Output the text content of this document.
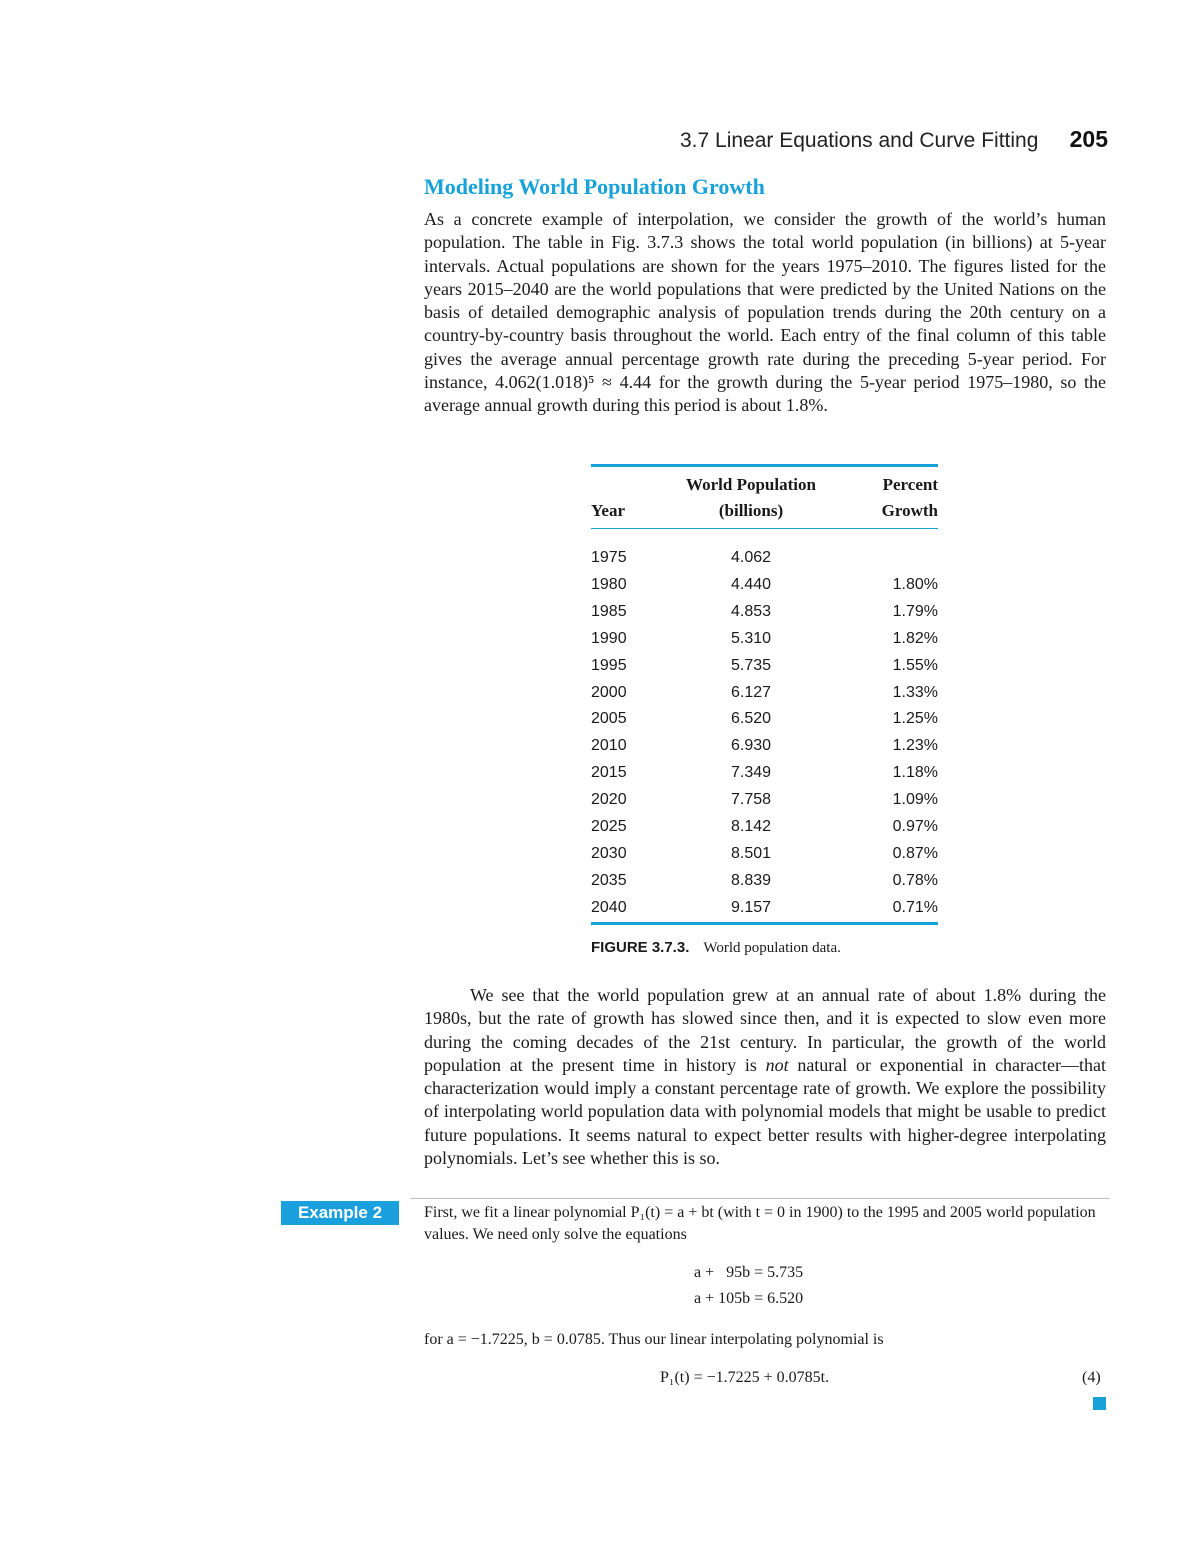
3.7 Linear Equations and Curve Fitting 205
Modeling World Population Growth

As a concrete example of interpolation, we consider the growth of the world’s human population. The table in Fig. 3.7.3 shows the total world population (in billions) at 5-year intervals. Actual populations are shown for the years 1975–2010. The figures listed for the years 2015–2040 are the world populations that were predicted by the United Nations on the basis of detailed demographic analysis of population trends during the 20th century on a country-by-country basis throughout the world. Each entry of the final column of this table gives the average annual percentage growth rate during the preceding 5-year period. For instance, 4.062(1.018)⁵ ≈ 4.44 for the growth during the 5-year period 1975–1980, so the average annual growth during this period is about 1.8%.

	World Population	Percent
Year	(billions)	Growth

1975	4.062	
1980	4.440	1.80%
1985	4.853	1.79%
1990	5.310	1.82%
1995	5.735	1.55%
2000	6.127	1.33%
2005	6.520	1.25%
2010	6.930	1.23%
2015	7.349	1.18%
2020	7.758	1.09%
2025	8.142	0.97%
2030	8.501	0.87%
2035	8.839	0.78%
2040	9.157	0.71%

FIGURE 3.7.3. World population data.

We see that the world population grew at an annual rate of about 1.8% during the 1980s, but the rate of growth has slowed since then, and it is expected to slow even more during the coming decades of the 21st century. In particular, the growth of the world population at the present time in history is not natural or exponential in character—that characterization would imply a constant percentage rate of growth. We explore the possibility of interpolating world population data with polynomial models that might be usable to predict future populations. It seems natural to expect better results with higher-degree interpolating polynomials. Let’s see whether this is so.

Example 2	First, we fit a linear polynomial P₁(t) = a + bt (with t = 0 in 1900) to the 1995 and 2005 world population values. We need only solve the equations

a +   95b = 5.735
a + 105b = 6.520

for a = −1.7225, b = 0.0785. Thus our linear interpolating polynomial is

P₁(t) = −1.7225 + 0.0785t.	(4)
